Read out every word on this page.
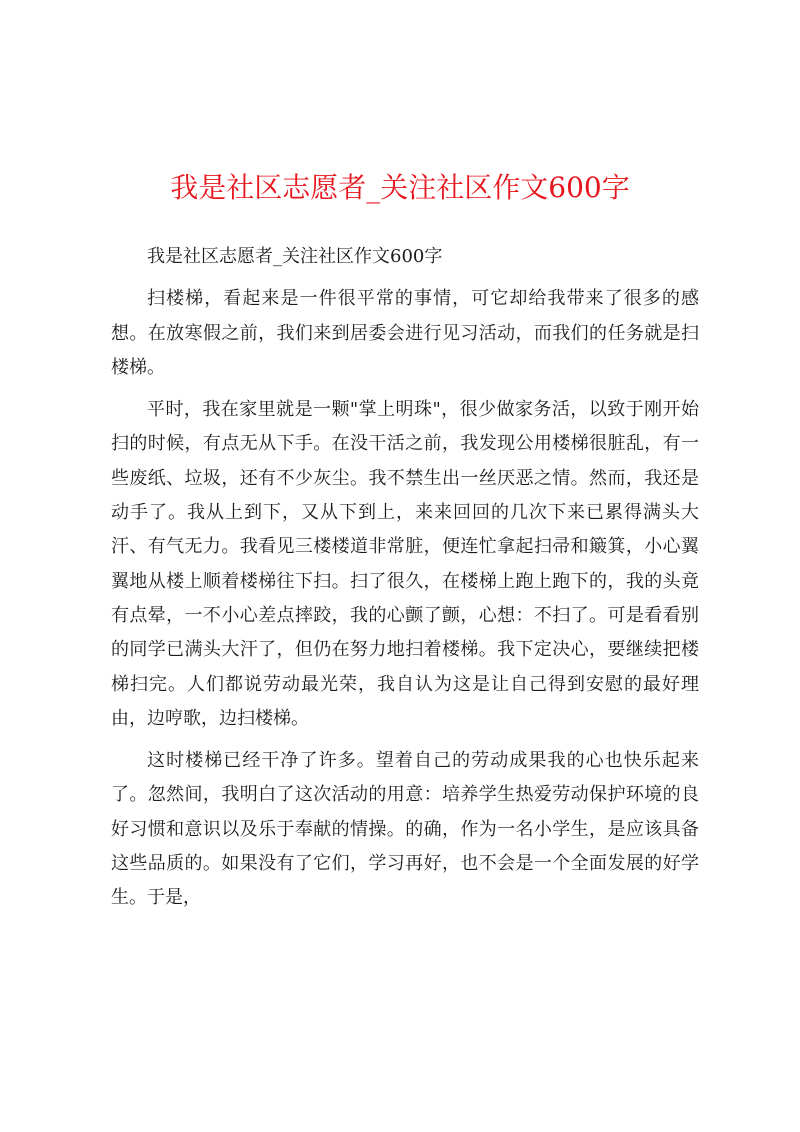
我是社区志愿者_关注社区作文600字

我是社区志愿者_关注社区作文600字

扫楼梯，看起来是一件很平常的事情，可它却给我带来了很多的感想。在放寒假之前，我们来到居委会进行见习活动，而我们的任务就是扫楼梯。

平时，我在家里就是一颗"掌上明珠"，很少做家务活，以致于刚开始扫的时候，有点无从下手。在没干活之前，我发现公用楼梯很脏乱，有一些废纸、垃圾，还有不少灰尘。我不禁生出一丝厌恶之情。然而，我还是动手了。我从上到下，又从下到上，来来回回的几次下来已累得满头大汗、有气无力。我看见三楼楼道非常脏，便连忙拿起扫帚和簸箕，小心翼翼地从楼上顺着楼梯往下扫。扫了很久，在楼梯上跑上跑下的，我的头竟有点晕，一不小心差点摔跤，我的心颤了颤，心想：不扫了。可是看看别的同学已满头大汗了，但仍在努力地扫着楼梯。我下定决心，要继续把楼梯扫完。人们都说劳动最光荣，我自认为这是让自己得到安慰的最好理由，边哼歌，边扫楼梯。

这时楼梯已经干净了许多。望着自己的劳动成果我的心也快乐起来了。忽然间，我明白了这次活动的用意：培养学生热爱劳动保护环境的良好习惯和意识以及乐于奉献的情操。的确，作为一名小学生，是应该具备这些品质的。如果没有了它们，学习再好，也不会是一个全面发展的好学生。于是，
